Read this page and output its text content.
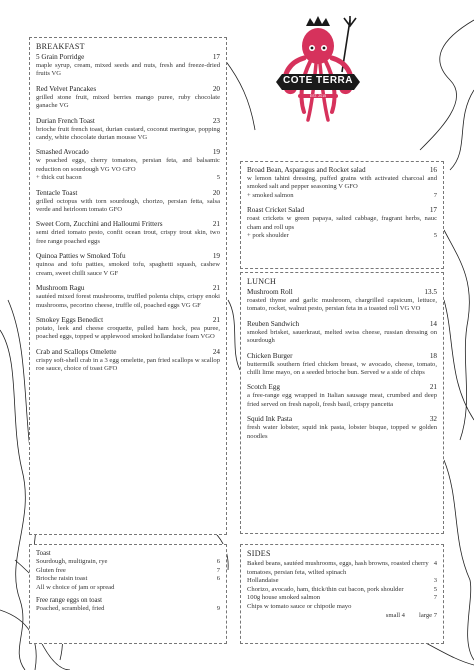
COTE TERRA
EST. 2015
BREAKFAST
5 Grain Porridge	17
maple syrup, cream, mixed seeds and nuts, fresh and freeze-dried fruits VG
Red Velvet Pancakes	20
grilled stone fruit, mixed berries mango puree, ruby chocolate ganache VG
Durian French Toast	23
brioche fruit french toast, durian custard, coconut meringue, popping candy, white chocolate durian mousse VG
Smashed Avocado	19
w poached eggs, cherry tomatoes, persian feta, and balsamic reduction on sourdough VG VO GFO
+ thick cut bacon	5
Tentacle Toast	20
grilled octopus with torn sourdough, chorizo, persian fetta, salsa verde and heirloom tomato GFO
Sweet Corn, Zucchini and Halloumi Fritters	21
semi dried tomato pesto, confit ocean trout, crispy trout skin, two free range poached eggs
Quinoa Patties w Smoked Tofu	19
quinoa and tofu patties, smoked tofu, spaghetti squash, cashew cream, sweet chilli sauce V GF
Mushroom Ragu	21
sautéed mixed forest mushrooms, truffled polenta chips, crispy enoki mushrooms, pecorino cheese, truffle oil, poached eggs VG GF
Smokey Eggs Benedict	21
potato, leek and cheese croquette, pulled ham hock, pea puree, poached eggs, topped w applewood smoked hollandaise foam VGO
Crab and Scallops Omelette	24
crispy soft-shell crab in a 3 egg omelette, pan fried scallops w scallop roe sauce, choice of toast GFO
Broad Bean, Asparagus and Rocket salad	16
w lemon tahini dressing, puffed grains with activated charcoal and smoked salt and pepper seasoning V GFO
+ smoked salmon	7
Roast Cricket Salad	17
roast crickets w green papaya, salted cabbage, fragrant herbs, nauc cham and roll ups
+ pork shoulder	5
LUNCH
Mushroom Roll	13.5
roasted thyme and garlic mushroom, chargrilled capsicum, lettuce, tomato, rocket, walnut pesto, persian feta in a toasted roll VG VO
Reuben Sandwich	14
smoked brisket, sauerkraut, melted swiss cheese, russian dressing on sourdough
Chicken Burger	18
buttermilk southern fried chicken breast, w avocado, cheese, tomato, chilli lime mayo, on a seeded brioche bun. Served w a side of chips
Scotch Egg	21
a free-range egg wrapped in Italian sausage meat, crumbed and deep fried served on fresh napoli, fresh basil, crispy pancetta
Squid Ink Pasta	32
fresh water lobster, squid ink pasta, lobster bisque, topped w golden noodles
Toast
Sourdough, multigrain, rye	6
Gluten free	7
Brioche raisin toast	6
All w choice of jam or spread
Free range eggs on toast
Poached, scrambled, fried	9
SIDES
Baked beans, sautéed mushrooms, eggs, hash browns, roasted cherry tomatoes, persian feta, wilted spinach
4
Hollandaise	3
Chorizo, avocado, ham, thick/thin cut bacon, pork shoulder	5
100g house smoked salmon	7
Chips w tomato sauce or chipotle mayo
small 4 large 7
